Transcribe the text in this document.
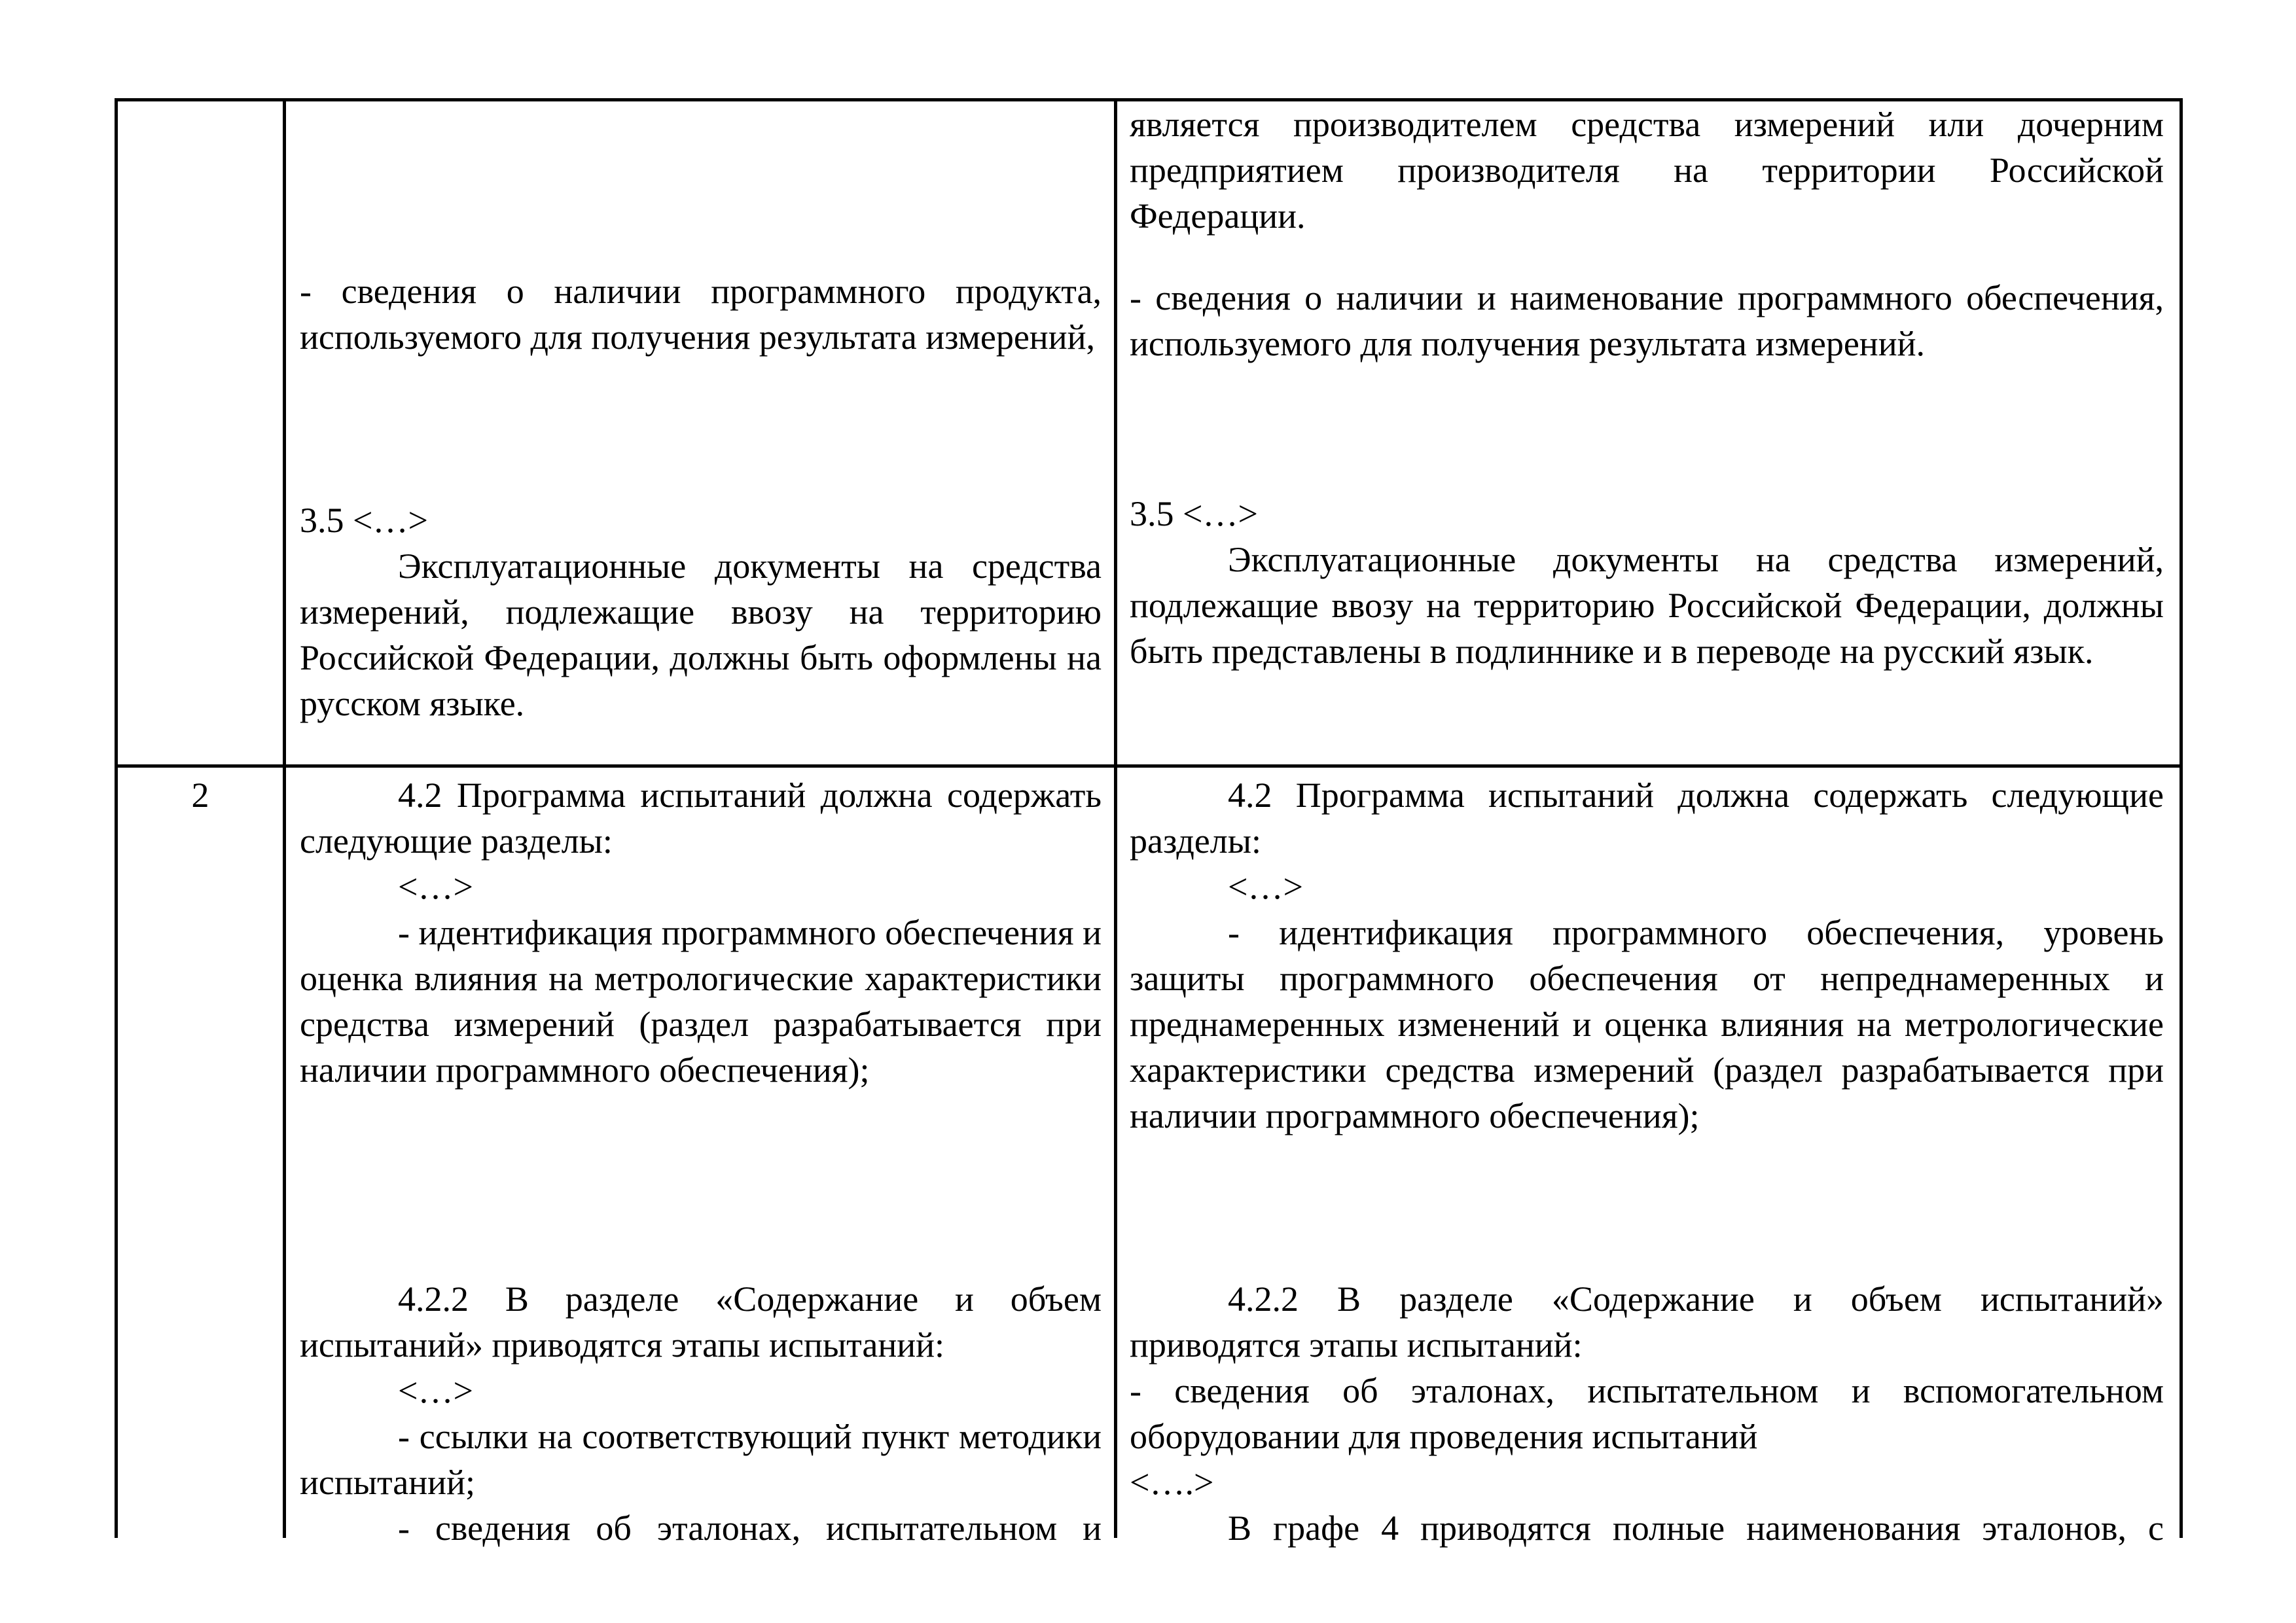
- сведения о наличии программного продукта, используемого для получения результата измерений,

3.5 <…>

Эксплуатационные документы на средства измерений, подлежащие ввозу на территорию Российской Федерации, должны быть оформлены на русском языке.

является производителем средства измерений или дочерним предприятием производителя на территории Российской Федерации.

- сведения о наличии и наименование программного обеспечения, используемого для получения результата измерений.

3.5 <…>

Эксплуатационные документы на средства измерений, подлежащие ввозу на территорию Российской Федерации, должны быть представлены в подлиннике и в переводе на русский язык.

2	4.2 Программа испытаний должна содержать следующие разделы:

<…>

- идентификация программного обеспечения и оценка влияния на метрологические характеристики средства измерений (раздел разрабатывается при наличии программного обеспечения);

4.2.2 В разделе «Содержание и объем испытаний» приводятся этапы испытаний:

<…>

- ссылки на соответствующий пункт методики испытаний;

- сведения об эталонах, испытательном и

4.2 Программа испытаний должна содержать следующие разделы:

<…>

- идентификация программного обеспечения, уровень защиты программного обеспечения от непреднамеренных и преднамеренных изменений и оценка влияния на метрологические характеристики средства измерений (раздел разрабатывается при наличии программного обеспечения);

4.2.2 В разделе «Содержание и объем испытаний» приводятся этапы испытаний:

- сведения об эталонах, испытательном и вспомогательном оборудовании для проведения испытаний

<….>

В графе 4 приводятся полные наименования эталонов, с
